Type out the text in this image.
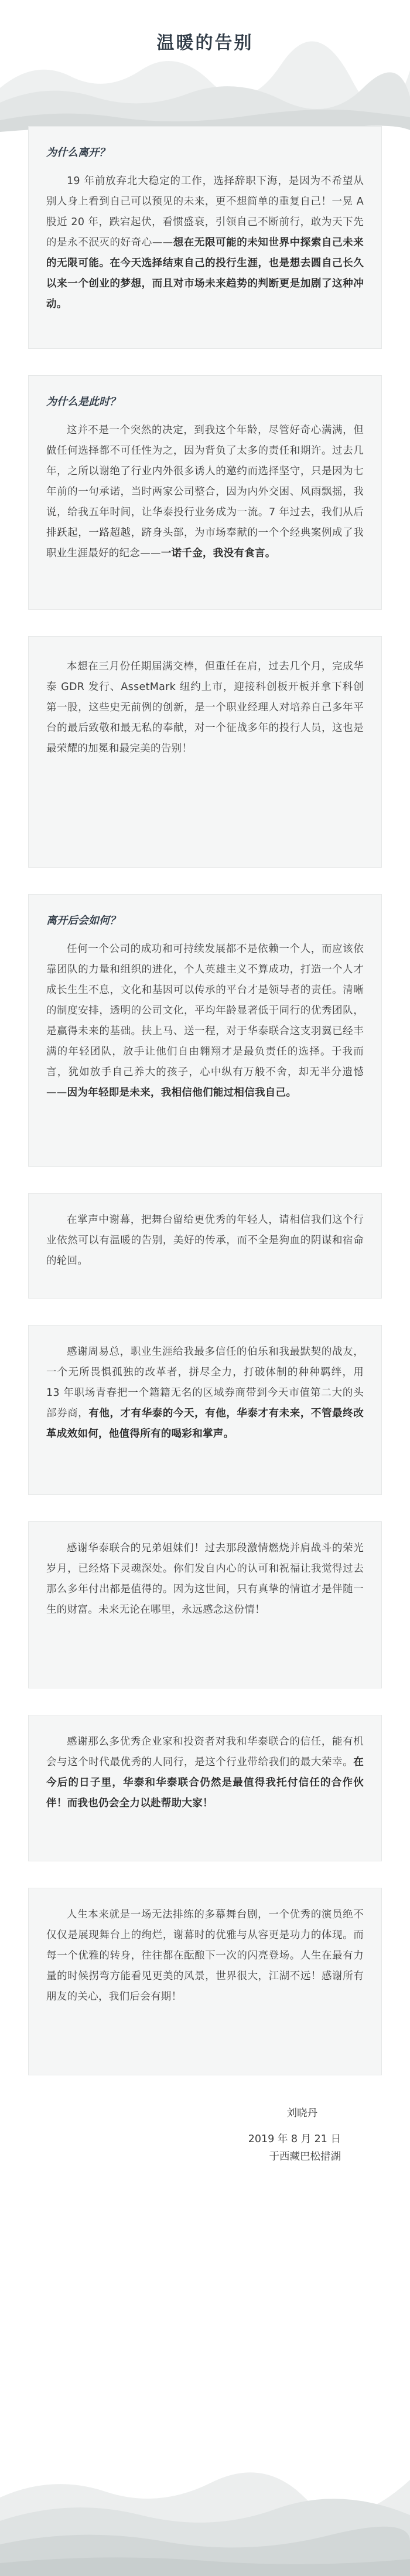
温暖的告别
为什么离开？

19 年前放弃北大稳定的工作，选择辞职下海，是因为不希望从别人身上看到自己可以预见的未来，更不想简单的重复自己！一晃 A 股近 20 年，跌宕起伏，看惯盛衰，引领自己不断前行，敢为天下先的是永不泯灭的好奇心——想在无限可能的未知世界中探索自己未来的无限可能。在今天选择结束自己的投行生涯，也是想去圆自己长久以来一个创业的梦想，而且对市场未来趋势的判断更是加剧了这种冲动。

为什么是此时？

这并不是一个突然的决定，到我这个年龄，尽管好奇心满满，但做任何选择都不可任性为之，因为背负了太多的责任和期许。过去几年，之所以谢绝了行业内外很多诱人的邀约而选择坚守，只是因为七年前的一句承诺，当时两家公司整合，因为内外交困、风雨飘摇，我说，给我五年时间，让华泰投行业务成为一流。7 年过去，我们从后排跃起，一路超越，跻身头部，为市场奉献的一个个经典案例成了我职业生涯最好的纪念——一诺千金，我没有食言。

本想在三月份任期届满交棒，但重任在肩，过去几个月，完成华泰 GDR 发行、AssetMark 纽约上市，迎接科创板开板并拿下科创第一股，这些史无前例的创新，是一个职业经理人对培养自己多年平台的最后致敬和最无私的奉献，对一个征战多年的投行人员，这也是最荣耀的加冕和最完美的告别！

离开后会如何？

任何一个公司的成功和可持续发展都不是依赖一个人，而应该依靠团队的力量和组织的进化，个人英雄主义不算成功，打造一个人才成长生生不息，文化和基因可以传承的平台才是领导者的责任。清晰的制度安排，透明的公司文化，平均年龄显著低于同行的优秀团队，是赢得未来的基础。扶上马、送一程，对于华泰联合这支羽翼已经丰满的年轻团队，放手让他们自由翱翔才是最负责任的选择。于我而言，犹如放手自己养大的孩子，心中纵有万般不舍，却无半分遗憾——因为年轻即是未来，我相信他们能过相信我自己。

在掌声中谢幕，把舞台留给更优秀的年轻人，请相信我们这个行业依然可以有温暖的告别，美好的传承，而不全是狗血的阴谋和宿命的轮回。

感谢周易总，职业生涯给我最多信任的伯乐和我最默契的战友，一个无所畏惧孤独的改革者，拼尽全力，打破体制的种种羁绊，用 13 年职场青春把一个籍籍无名的区域券商带到今天市值第二大的头部券商，有他，才有华泰的今天，有他，华泰才有未来，不管最终改革成效如何，他值得所有的喝彩和掌声。

感谢华泰联合的兄弟姐妹们！过去那段激情燃烧并肩战斗的荣光岁月，已经烙下灵魂深处。你们发自内心的认可和祝福让我觉得过去那么多年付出都是值得的。因为这世间，只有真挚的情谊才是伴随一生的财富。未来无论在哪里，永远感念这份情！

感谢那么多优秀企业家和投资者对我和华泰联合的信任，能有机会与这个时代最优秀的人同行，是这个行业带给我们的最大荣幸。在今后的日子里，华泰和华泰联合仍然是最值得我托付信任的合作伙伴！而我也仍会全力以赴帮助大家！

人生本来就是一场无法排练的多幕舞台剧，一个优秀的演员绝不仅仅是展现舞台上的绚烂，谢幕时的优雅与从容更是功力的体现。而每一个优雅的转身，往往都在酝酿下一次的闪亮登场。人生在最有力量的时候拐弯方能看见更美的风景，世界很大，江湖不远！感谢所有朋友的关心，我们后会有期！

刘晓丹
2019 年 8 月 21 日
于西藏巴松措湖
